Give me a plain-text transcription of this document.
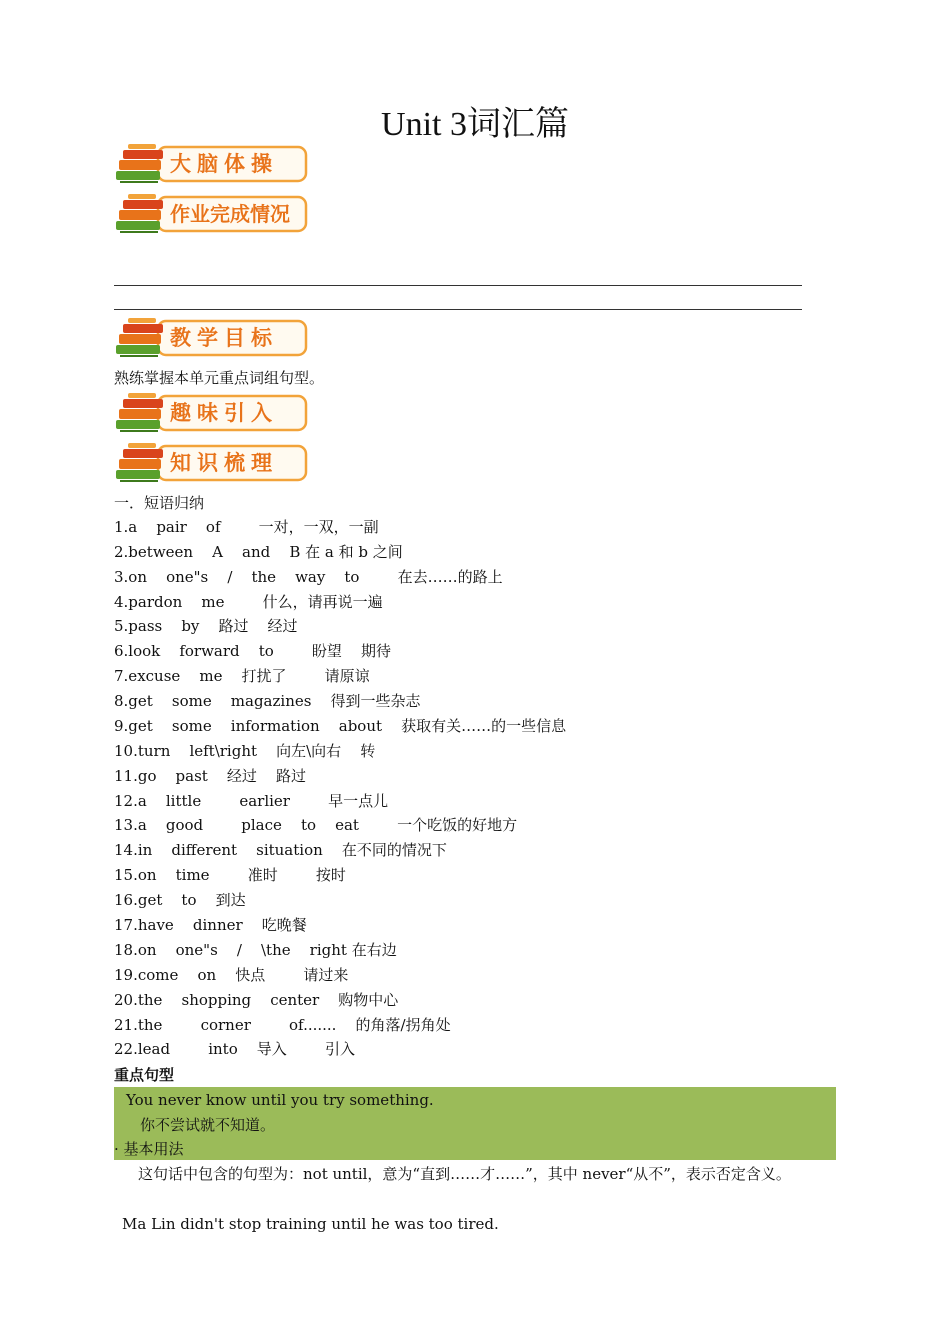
Unit 3词汇篇
大脑体操
作业完成情况
教学目标
熟练掌握本单元重点词组句型。
趣味引入
知识梳理
一．短语归纳
1.a    pair    of        一对，一双，一副
2.between    A    and    B 在 a 和 b 之间
3.on    one"s    /    the    way    to        在去……的路上
4.pardon    me        什么，请再说一遍
5.pass    by    路过    经过
6.look    forward    to        盼望    期待
7.excuse    me    打扰了        请原谅
8.get    some    magazines    得到一些杂志
9.get    some    information    about    获取有关……的一些信息
10.turn    left\right    向左\向右    转
11.go    past    经过    路过
12.a    little        earlier        早一点儿
13.a    good        place    to    eat        一个吃饭的好地方
14.in    different    situation    在不同的情况下
15.on    time        准时        按时
16.get    to    到达
17.have    dinner    吃晚餐
18.on    one"s    /    \the    right 在右边
19.come    on    快点        请过来
20.the    shopping    center    购物中心
21.the        corner        of.......    的角落/拐角处
22.lead        into    导入        引入
重点句型
You never know until you try something.
你不尝试就不知道。
· 基本用法
这句话中包含的句型为：not until，意为“直到……才……”，其中 never“从不”，表示否定含义。
Ma Lin didn't stop training until he was too tired.
